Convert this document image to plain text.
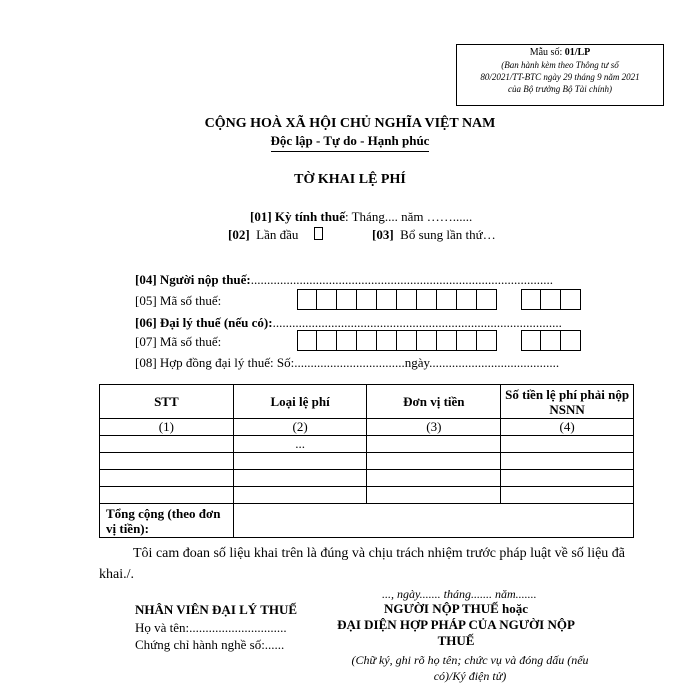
Mẫu số: 01/LP
(Ban hành kèm theo Thông tư số
80/2021/TT-BTC ngày 29 tháng 9 năm 2021
của Bộ trưởng Bộ Tài chính)
CỘNG HOÀ XÃ HỘI CHỦ NGHĨA VIỆT NAM
Độc lập - Tự do - Hạnh phúc
TỜ KHAI LỆ PHÍ
[01] Kỳ tính thuế: Tháng.... năm ……......
[02] Lần đầu	[03] Bổ sung lần thứ…
[04] Người nộp thuế:.............................................................................................
[05] Mã số thuế:
[06] Đại lý thuế (nếu có):.........................................................................................
[07] Mã số thuế:
[08] Hợp đồng đại lý thuế: Số:..................................ngày........................................
STT	Loại lệ phí	Đơn vị tiền	Số tiền lệ phí phải nộp NSNN
(1)	(2)	(3)	(4)
	...		

Tổng cộng (theo đơn vị tiền):			
Tôi cam đoan số liệu khai trên là đúng và chịu trách nhiệm trước pháp luật về số liệu đã khai./.
..., ngày....... tháng....... năm.......
NHÂN VIÊN ĐẠI LÝ THUẾ
Họ và tên:..............................
Chứng chỉ hành nghề số:......
NGƯỜI NỘP THUẾ hoặc
ĐẠI DIỆN HỢP PHÁP CỦA NGƯỜI NỘP
THUẾ
(Chữ ký, ghi rõ họ tên; chức vụ và đóng dấu (nếu
có)/Ký điện tử)
